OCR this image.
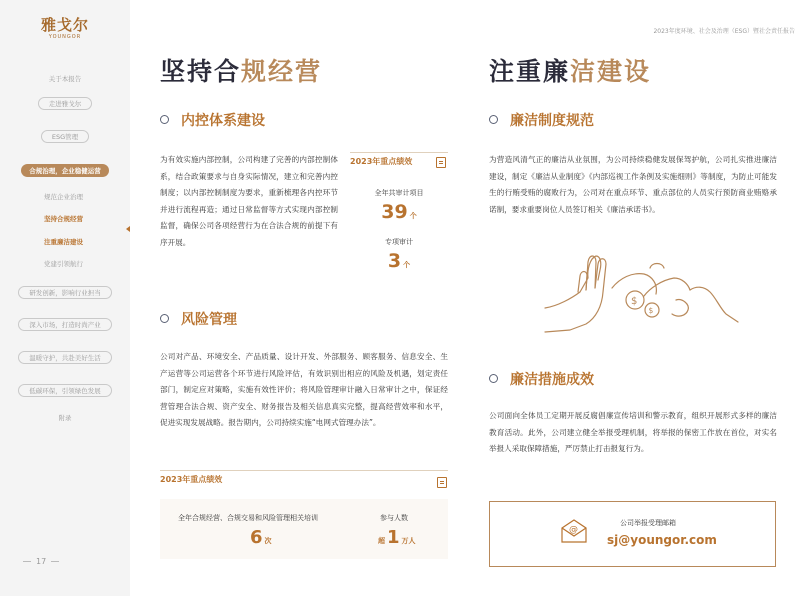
雅戈尔
YOUNGOR
关于本报告
走进雅戈尔
ESG管理
合规治理，企业稳健运营
规范企业治理
坚持合规经营
注重廉洁建设
党建引领航行
研发创新，影响行业担当
深入市场，打造时尚产业
温暖守护，共赴美好生活
低碳环保，引领绿色发展
附录
17
2023年度环境、社会及治理（ESG）暨社会责任报告
坚持合规经营
内控体系建设
为有效实施内部控制，公司构建了完善的内部控制体系，结合政策要求与自身实际情况，建立和完善内控制度；以内部控制制度为要求，重新梳理各内控环节并进行流程再造；通过日常监督等方式实现内部控制监督，确保公司各项经营行为在合法合规的前提下有序开展。
2023年重点绩效
全年共审计项目
39 个
专项审计
3 个
风险管理
公司对产品、环境安全、产品质量、设计开发、外部服务、顾客服务、信息安全、生产运营等公司运营各个环节进行风险评估，有效识别出相应的风险及机遇，划定责任部门，制定应对策略，实施有效性评价；将风险管理审计融入日常审计之中，保证经营管理合法合规、资产安全、财务报告及相关信息真实完整，提高经营效率和水平，促进实现发展战略。报告期内，公司持续实施“电网式管理办法”。
2023年重点绩效
全年合规经营、合规交易和风险管理相关培训
6 次
参与人数
超 1 万人
注重廉洁建设
廉洁制度规范
为营造风清气正的廉洁从业氛围，为公司持续稳健发展保驾护航，公司扎实推进廉洁建设，制定《廉洁从业制度》《内部巡视工作条例及实施细则》等制度，为防止可能发生的行贿受贿的腐败行为，公司对在重点环节、重点部位的人员实行预防商业贿赂承诺制，要求重要岗位人员签订相关《廉洁承诺书》。
$
$
廉洁措施成效
公司面向全体员工定期开展反腐倡廉宣传培训和警示教育，组织开展形式多样的廉洁教育活动。此外，公司建立健全举报受理机制，将举报的保密工作放在首位，对实名举报人采取保障措施，严厉禁止打击报复行为。
@
公司举报受理邮箱
sj@youngor.com
